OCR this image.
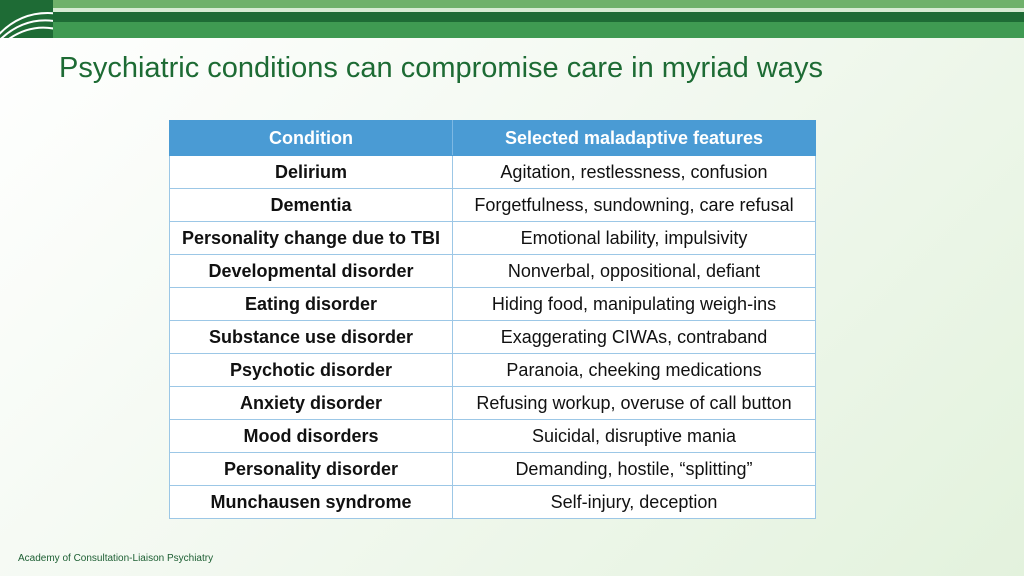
Psychiatric conditions can compromise care in myriad ways
Condition	Selected maladaptive features
Delirium	Agitation, restlessness, confusion
Dementia	Forgetfulness, sundowning, care refusal
Personality change due to TBI	Emotional lability, impulsivity
Developmental disorder	Nonverbal, oppositional, defiant
Eating disorder	Hiding food, manipulating weigh-ins
Substance use disorder	Exaggerating CIWAs, contraband
Psychotic disorder	Paranoia, cheeking medications
Anxiety disorder	Refusing workup, overuse of call button
Mood disorders	Suicidal, disruptive mania
Personality disorder	Demanding, hostile, “splitting”
Munchausen syndrome	Self-injury, deception
Academy of Consultation-Liaison Psychiatry
